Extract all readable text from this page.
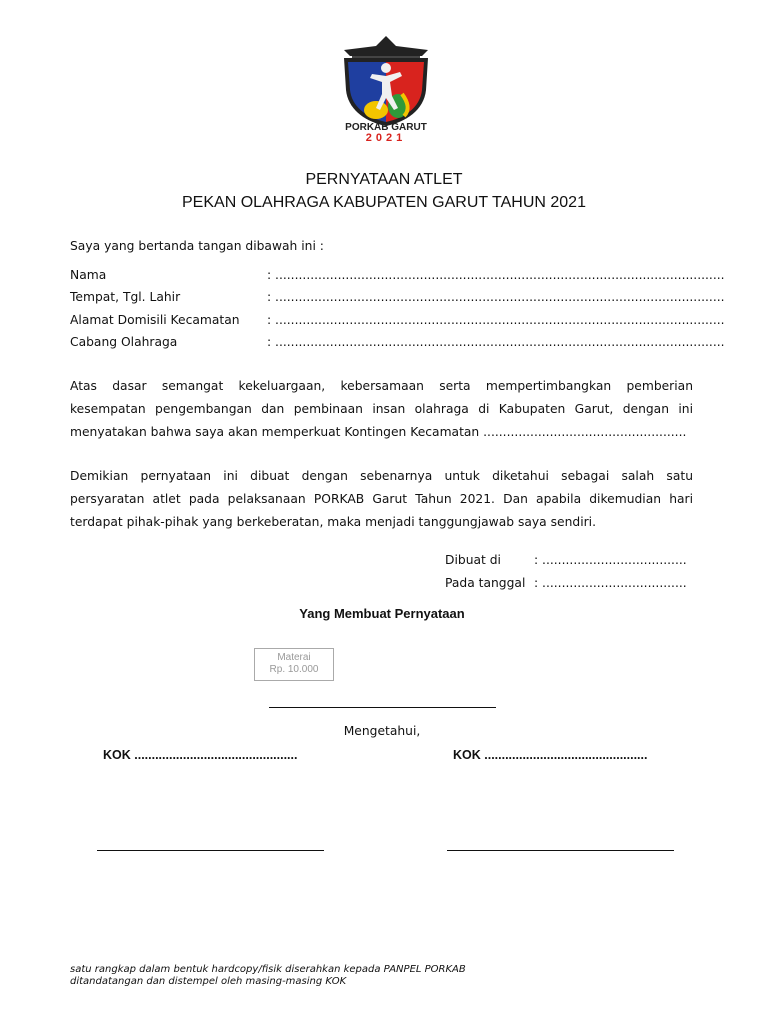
PORKAB GARUT
2021
PERNYATAAN ATLET
PEKAN OLAHRAGA KABUPATEN GARUT TAHUN 2021
Saya yang bertanda tangan dibawah ini :
Nama	: ...................................................................................................................
Tempat, Tgl. Lahir	: ...................................................................................................................
Alamat Domisili Kecamatan : ...................................................................................................................
Cabang Olahraga	: ...................................................................................................................
Atas dasar semangat kekeluargaan, kebersamaan serta mempertimbangkan pemberian
kesempatan pengembangan dan pembinaan insan olahraga di Kabupaten Garut, dengan ini
menyatakan bahwa saya akan memperkuat Kontingen Kecamatan ....................................................
Demikian pernyataan ini dibuat dengan sebenarnya untuk diketahui sebagai salah satu
persyaratan atlet pada pelaksanaan PORKAB Garut Tahun 2021. Dan apabila dikemudian hari
terdapat pihak-pihak yang berkeberatan, maka menjadi tanggungjawab saya sendiri.
Dibuat di	: .....................................
Pada tanggal : .....................................
Yang Membuat Pernyataan
Materai
Rp. 10.000
Mengetahui,
KOK ...............................................	KOK ...............................................
satu rangkap dalam bentuk hardcopy/fisik diserahkan kepada PANPEL PORKAB
ditandatangan dan distempel oleh masing-masing KOK
